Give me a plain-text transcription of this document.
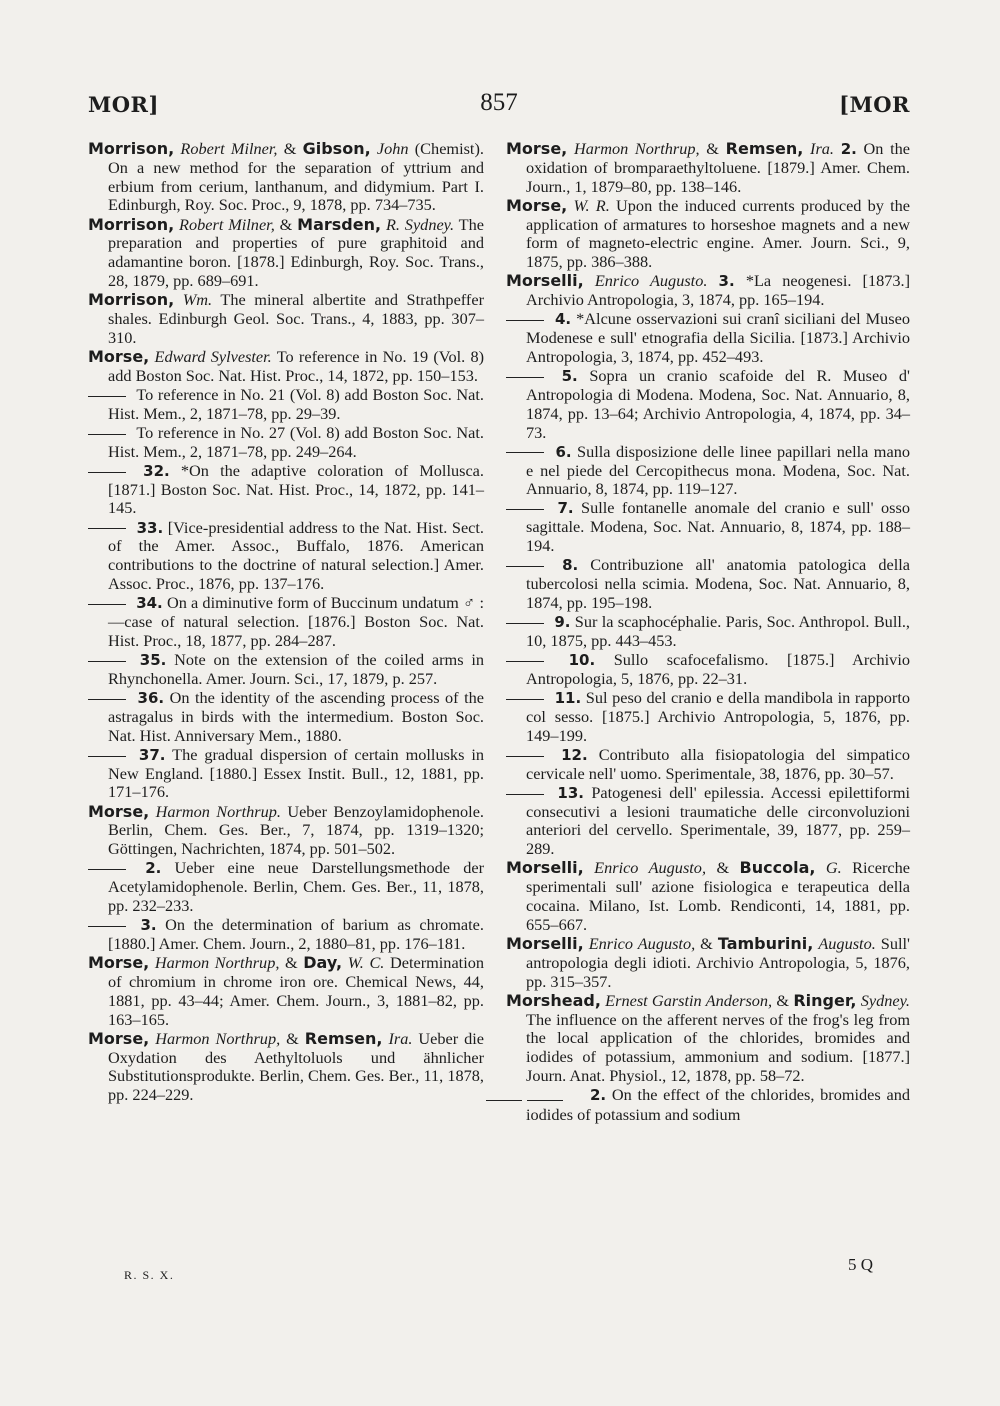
MOR]	857	[MOR
Morrison, Robert Milner, & Gibson, John (Chemist). On a new method for the separation of yttrium and erbium from cerium, lanthanum, and didymium. Part I. Edinburgh, Roy. Soc. Proc., 9, 1878, pp. 734–735.
Morrison, Robert Milner, & Marsden, R. Sydney. The preparation and properties of pure graphitoid and adamantine boron. [1878.] Edinburgh, Roy. Soc. Trans., 28, 1879, pp. 689–691.
Morrison, Wm. The mineral albertite and Strathpeffer shales. Edinburgh Geol. Soc. Trans., 4, 1883, pp. 307–310.
Morse, Edward Sylvester. To reference in No. 19 (Vol. 8) add Boston Soc. Nat. Hist. Proc., 14, 1872, pp. 150–153.
To reference in No. 21 (Vol. 8) add Boston Soc. Nat. Hist. Mem., 2, 1871–78, pp. 29–39.
To reference in No. 27 (Vol. 8) add Boston Soc. Nat. Hist. Mem., 2, 1871–78, pp. 249–264.
32. *On the adaptive coloration of Mollusca. [1871.] Boston Soc. Nat. Hist. Proc., 14, 1872, pp. 141–145.
33. [Vice-presidential address to the Nat. Hist. Sect. of the Amer. Assoc., Buffalo, 1876. American contributions to the doctrine of natural selection.] Amer. Assoc. Proc., 1876, pp. 137–176.
34. On a diminutive form of Buccinum undatum ♂ :—case of natural selection. [1876.] Boston Soc. Nat. Hist. Proc., 18, 1877, pp. 284–287.
35. Note on the extension of the coiled arms in Rhynchonella. Amer. Journ. Sci., 17, 1879, p. 257.
36. On the identity of the ascending process of the astragalus in birds with the intermedium. Boston Soc. Nat. Hist. Anniversary Mem., 1880.
37. The gradual dispersion of certain mollusks in New England. [1880.] Essex Instit. Bull., 12, 1881, pp. 171–176.
Morse, Harmon Northrup. Ueber Benzoylamidophenole. Berlin, Chem. Ges. Ber., 7, 1874, pp. 1319–1320; Göttingen, Nachrichten, 1874, pp. 501–502.
2. Ueber eine neue Darstellungsmethode der Acetylamidophenole. Berlin, Chem. Ges. Ber., 11, 1878, pp. 232–233.
3. On the determination of barium as chromate. [1880.] Amer. Chem. Journ., 2, 1880–81, pp. 176–181.
Morse, Harmon Northrup, & Day, W. C. Determination of chromium in chrome iron ore. Chemical News, 44, 1881, pp. 43–44; Amer. Chem. Journ., 3, 1881–82, pp. 163–165.
Morse, Harmon Northrup, & Remsen, Ira. Ueber die Oxydation des Aethyltoluols und ähnlicher Substitutionsprodukte. Berlin, Chem. Ges. Ber., 11, 1878, pp. 224–229.
Morse, Harmon Northrup, & Remsen, Ira. 2. On the oxidation of bromparaethyltoluene. [1879.] Amer. Chem. Journ., 1, 1879–80, pp. 138–146.
Morse, W. R. Upon the induced currents produced by the application of armatures to horseshoe magnets and a new form of magneto-electric engine. Amer. Journ. Sci., 9, 1875, pp. 386–388.
Morselli, Enrico Augusto. 3. *La neogenesi. [1873.] Archivio Antropologia, 3, 1874, pp. 165–194.
4. *Alcune osservazioni sui cranî siciliani del Museo Modenese e sull' etnografia della Sicilia. [1873.] Archivio Antropologia, 3, 1874, pp. 452–493.
5. Sopra un cranio scafoide del R. Museo d' Antropologia di Modena. Modena, Soc. Nat. Annuario, 8, 1874, pp. 13–64; Archivio Antropologia, 4, 1874, pp. 34–73.
6. Sulla disposizione delle linee papillari nella mano e nel piede del Cercopithecus mona. Modena, Soc. Nat. Annuario, 8, 1874, pp. 119–127.
7. Sulle fontanelle anomale del cranio e sull' osso sagittale. Modena, Soc. Nat. Annuario, 8, 1874, pp. 188–194.
8. Contribuzione all' anatomia patologica della tubercolosi nella scimia. Modena, Soc. Nat. Annuario, 8, 1874, pp. 195–198.
9. Sur la scaphocéphalie. Paris, Soc. Anthropol. Bull., 10, 1875, pp. 443–453.
10. Sullo scafocefalismo. [1875.] Archivio Antropologia, 5, 1876, pp. 22–31.
11. Sul peso del cranio e della mandibola in rapporto col sesso. [1875.] Archivio Antropologia, 5, 1876, pp. 149–199.
12. Contributo alla fisiopatologia del simpatico cervicale nell' uomo. Sperimentale, 38, 1876, pp. 30–57.
13. Patogenesi dell' epilessia. Accessi epilettiformi consecutivi a lesioni traumatiche delle circonvoluzioni anteriori del cervello. Sperimentale, 39, 1877, pp. 259–289.
Morselli, Enrico Augusto, & Buccola, G. Ricerche sperimentali sull' azione fisiologica e terapeutica della cocaina. Milano, Ist. Lomb. Rendiconti, 14, 1881, pp. 655–667.
Morselli, Enrico Augusto, & Tamburini, Augusto. Sull' antropologia degli idioti. Archivio Antropologia, 5, 1876, pp. 315–357.
Morshead, Ernest Garstin Anderson, & Ringer, Sydney. The influence on the afferent nerves of the frog's leg from the local application of the chlorides, bromides and iodides of potassium, ammonium and sodium. [1877.] Journ. Anat. Physiol., 12, 1878, pp. 58–72.
2. On the effect of the chlorides, bromides and iodides of potassium and sodium
R. S. X.
5 Q
